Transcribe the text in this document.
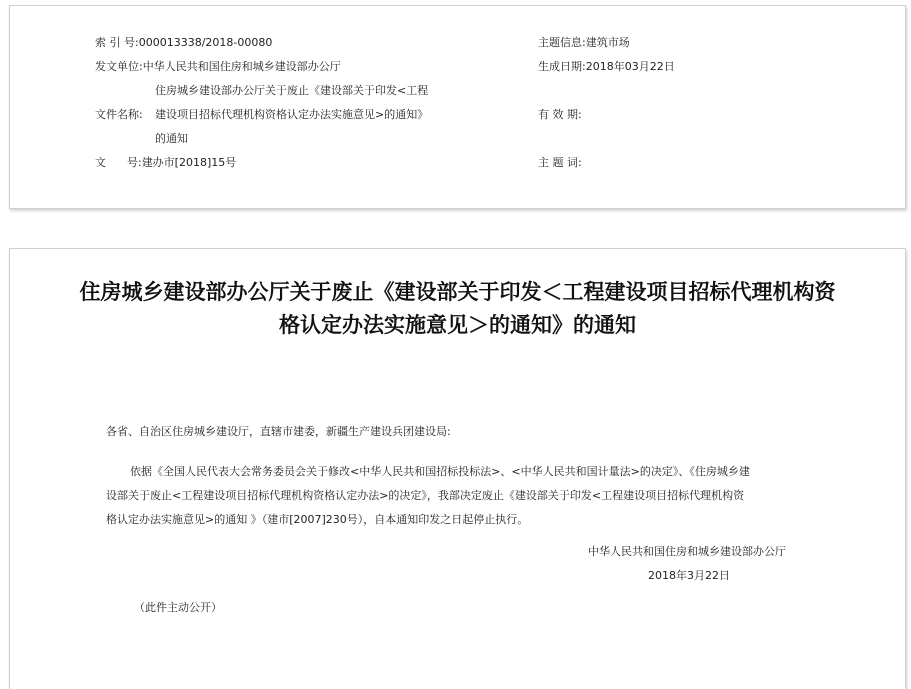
索 引 号:000013338/2018-00080
发文单位:中华人民共和国住房和城乡建设部办公厅
文件名称:
住房城乡建设部办公厅关于废止《建设部关于印发<工程
建设项目招标代理机构资格认定办法实施意见>的通知》
的通知
文      号:建办市[2018]15号
主题信息:建筑市场
生成日期:2018年03月22日
有 效 期:
主 题 词:
住房城乡建设部办公厅关于废止《建设部关于印发＜工程建设项目招标代理机构资
格认定办法实施意见＞的通知》的通知
各省、自治区住房城乡建设厅，直辖市建委，新疆生产建设兵团建设局:
依据《全国人民代表大会常务委员会关于修改<中华人民共和国招标投标法>、<中华人民共和国计量法>的决定》、《住房城乡建
设部关于废止<工程建设项目招标代理机构资格认定办法>的决定》，我部决定废止《建设部关于印发<工程建设项目招标代理机构资
格认定办法实施意见>的通知 》（建市[2007]230号），自本通知印发之日起停止执行。
中华人民共和国住房和城乡建设部办公厅
2018年3月22日
（此件主动公开）
